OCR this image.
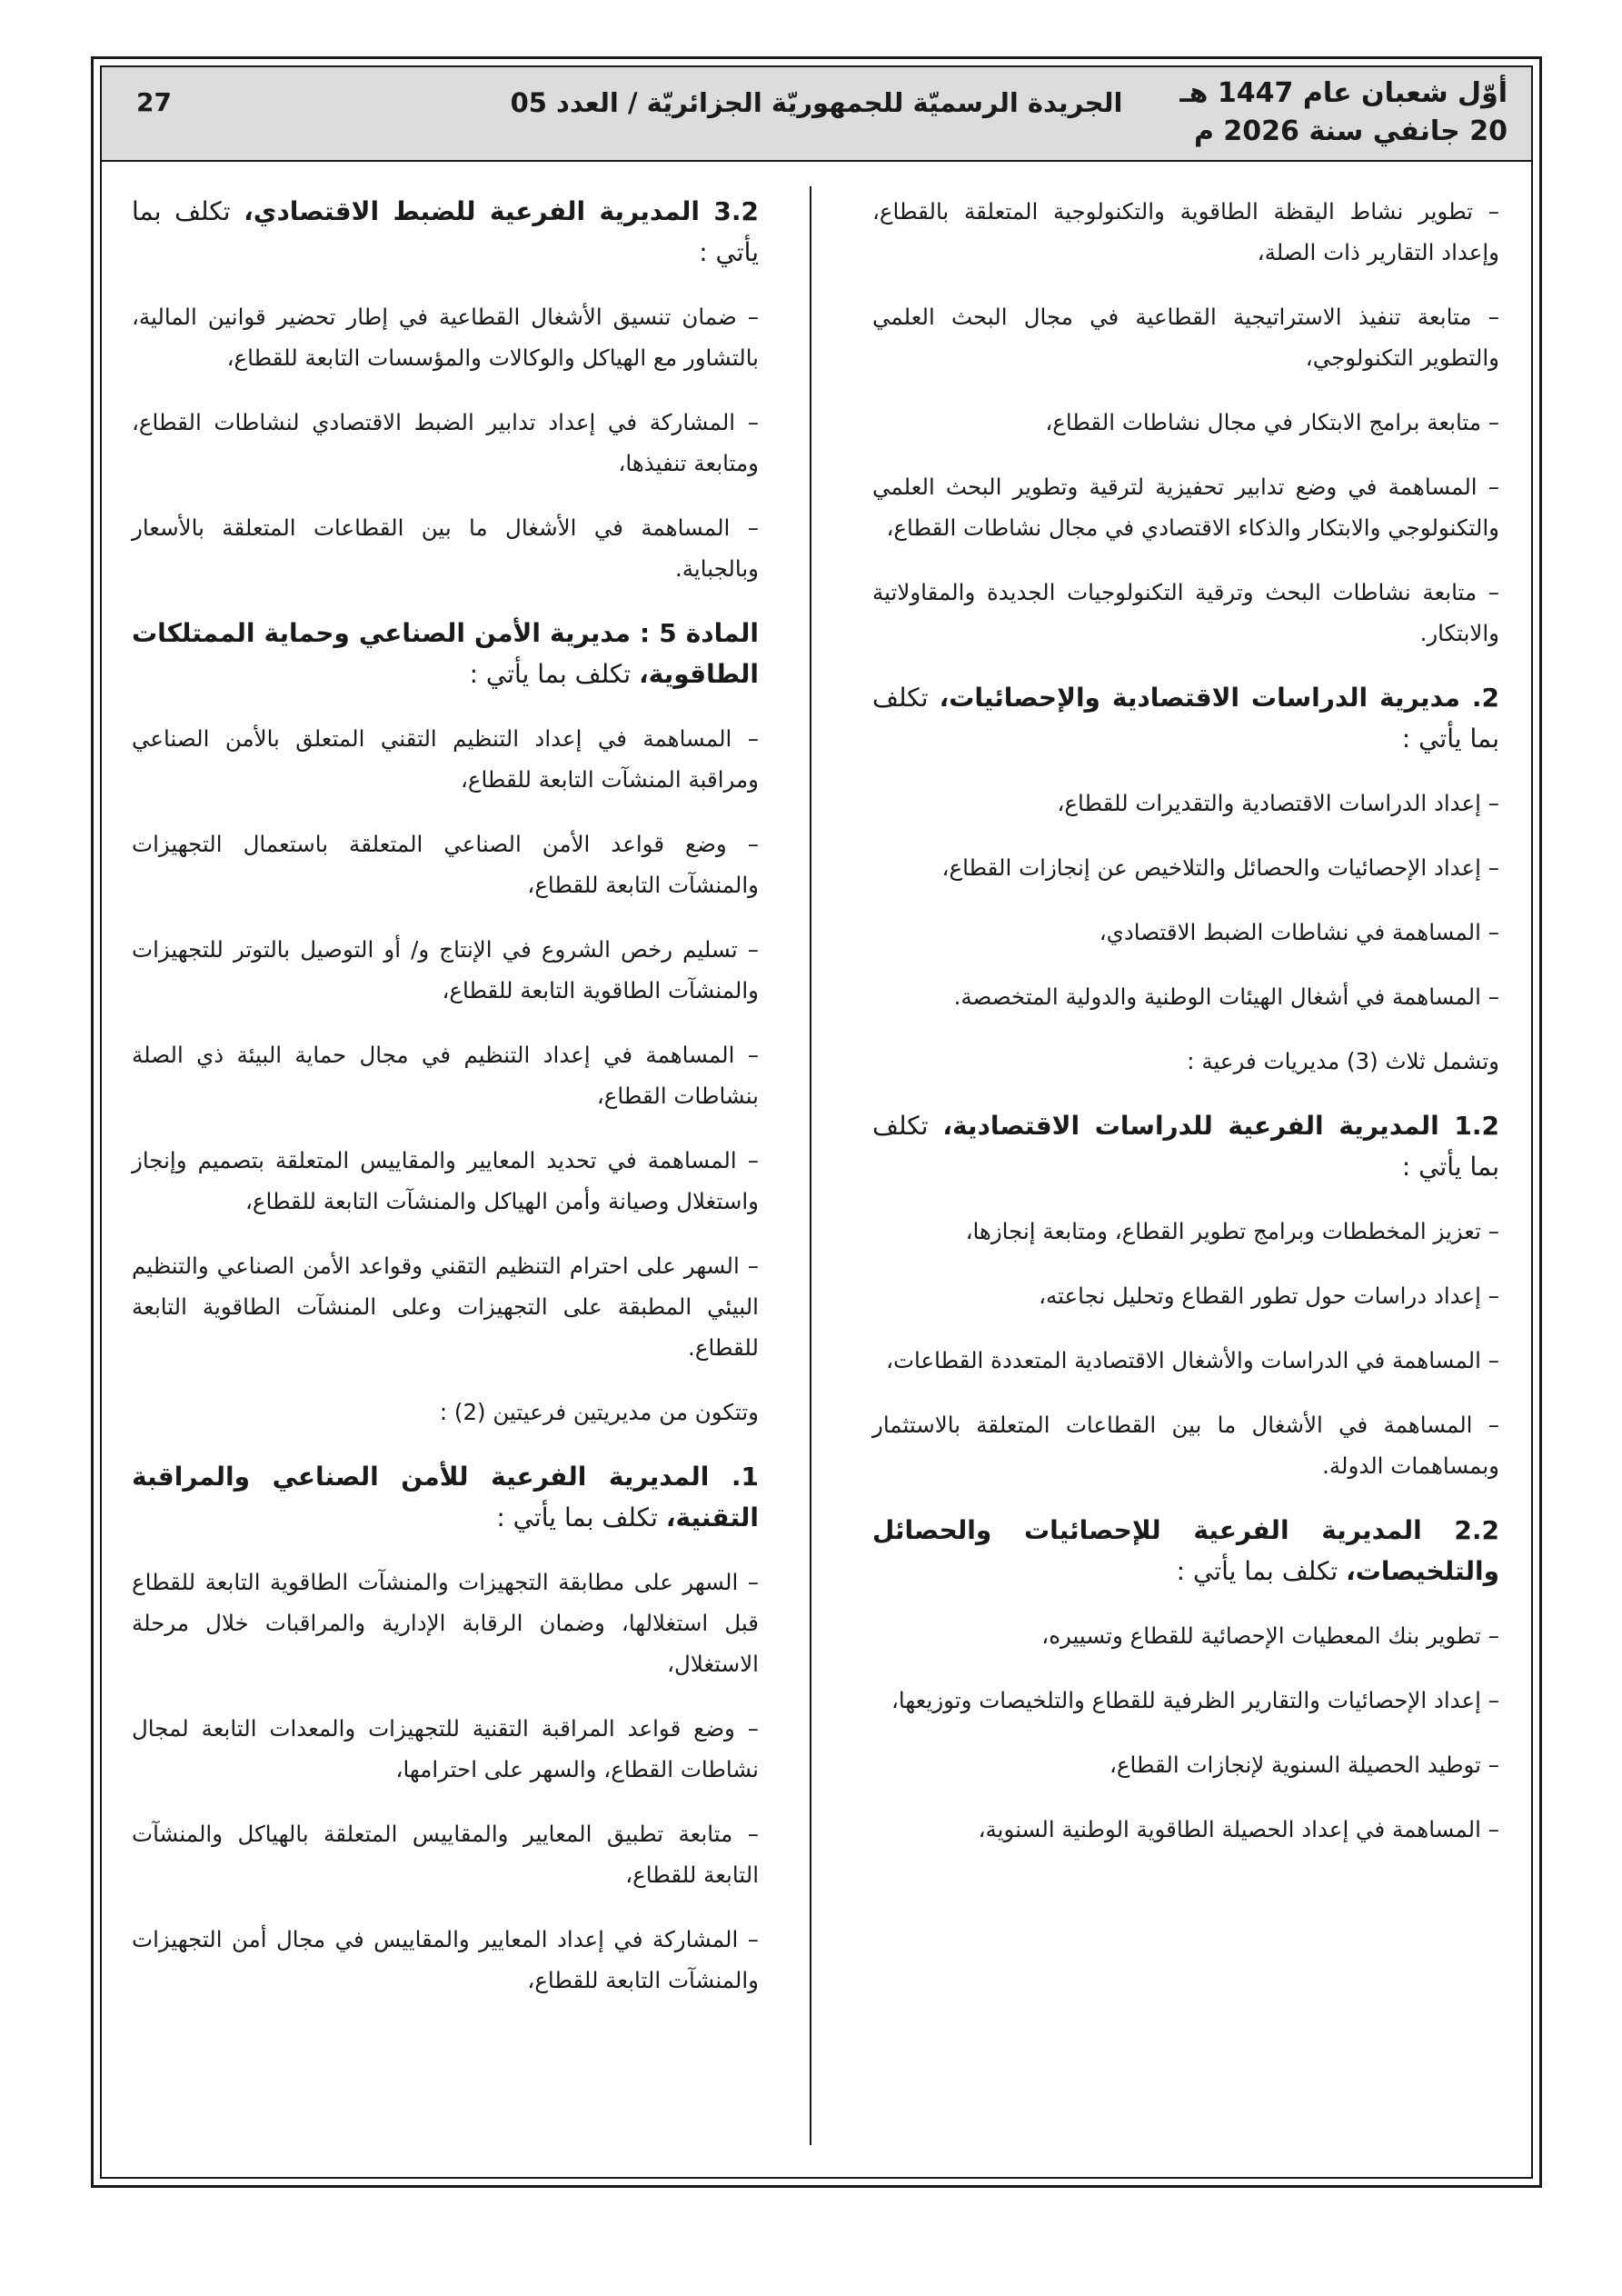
أوّل شعبان عام 1447 هـ
20 جانفي سنة 2026 م
الجريدة الرسميّة للجمهوريّة الجزائريّة / العدد 05
27

– تطوير نشاط اليقظة الطاقوية والتكنولوجية المتعلقة بالقطاع، وإعداد التقارير ذات الصلة،

– متابعة تنفيذ الاستراتيجية القطاعية في مجال البحث العلمي والتطوير التكنولوجي،

– متابعة برامج الابتكار في مجال نشاطات القطاع،

– المساهمة في وضع تدابير تحفيزية لترقية وتطوير البحث العلمي والتكنولوجي والابتكار والذكاء الاقتصادي في مجال نشاطات القطاع،

– متابعة نشاطات البحث وترقية التكنولوجيات الجديدة والمقاولاتية والابتكار.

2. مديرية الدراسات الاقتصادية والإحصائيات، تكلف بما يأتي :

– إعداد الدراسات الاقتصادية والتقديرات للقطاع،

– إعداد الإحصائيات والحصائل والتلاخيص عن إنجازات القطاع،

– المساهمة في نشاطات الضبط الاقتصادي،

– المساهمة في أشغال الهيئات الوطنية والدولية المتخصصة.

وتشمل ثلاث (3) مديريات فرعية :

1.2 المديرية الفرعية للدراسات الاقتصادية، تكلف بما يأتي :

– تعزيز المخططات وبرامج تطوير القطاع، ومتابعة إنجازها،

– إعداد دراسات حول تطور القطاع وتحليل نجاعته،

– المساهمة في الدراسات والأشغال الاقتصادية المتعددة القطاعات،

– المساهمة في الأشغال ما بين القطاعات المتعلقة بالاستثمار وبمساهمات الدولة.

2.2 المديرية الفرعية للإحصائيات والحصائل والتلخيصات، تكلف بما يأتي :

– تطوير بنك المعطيات الإحصائية للقطاع وتسييره،

– إعداد الإحصائيات والتقارير الظرفية للقطاع والتلخيصات وتوزيعها،

– توطيد الحصيلة السنوية لإنجازات القطاع،

– المساهمة في إعداد الحصيلة الطاقوية الوطنية السنوية،

3.2 المديرية الفرعية للضبط الاقتصادي، تكلف بما يأتي :

– ضمان تنسيق الأشغال القطاعية في إطار تحضير قوانين المالية، بالتشاور مع الهياكل والوكالات والمؤسسات التابعة للقطاع،

– المشاركة في إعداد تدابير الضبط الاقتصادي لنشاطات القطاع، ومتابعة تنفيذها،

– المساهمة في الأشغال ما بين القطاعات المتعلقة بالأسعار وبالجباية.

المادة 5 : مديرية الأمن الصناعي وحماية الممتلكات الطاقوية، تكلف بما يأتي :

– المساهمة في إعداد التنظيم التقني المتعلق بالأمن الصناعي ومراقبة المنشآت التابعة للقطاع،

– وضع قواعد الأمن الصناعي المتعلقة باستعمال التجهيزات والمنشآت التابعة للقطاع،

– تسليم رخص الشروع في الإنتاج و/ أو التوصيل بالتوتر للتجهيزات والمنشآت الطاقوية التابعة للقطاع،

– المساهمة في إعداد التنظيم في مجال حماية البيئة ذي الصلة بنشاطات القطاع،

– المساهمة في تحديد المعايير والمقاييس المتعلقة بتصميم وإنجاز واستغلال وصيانة وأمن الهياكل والمنشآت التابعة للقطاع،

– السهر على احترام التنظيم التقني وقواعد الأمن الصناعي والتنظيم البيئي المطبقة على التجهيزات وعلى المنشآت الطاقوية التابعة للقطاع.

وتتكون من مديريتين فرعيتين (2) :

1. المديرية الفرعية للأمن الصناعي والمراقبة التقنية، تكلف بما يأتي :

– السهر على مطابقة التجهيزات والمنشآت الطاقوية التابعة للقطاع قبل استغلالها، وضمان الرقابة الإدارية والمراقبات خلال مرحلة الاستغلال،

– وضع قواعد المراقبة التقنية للتجهيزات والمعدات التابعة لمجال نشاطات القطاع، والسهر على احترامها،

– متابعة تطبيق المعايير والمقاييس المتعلقة بالهياكل والمنشآت التابعة للقطاع،

– المشاركة في إعداد المعايير والمقاييس في مجال أمن التجهيزات والمنشآت التابعة للقطاع،
